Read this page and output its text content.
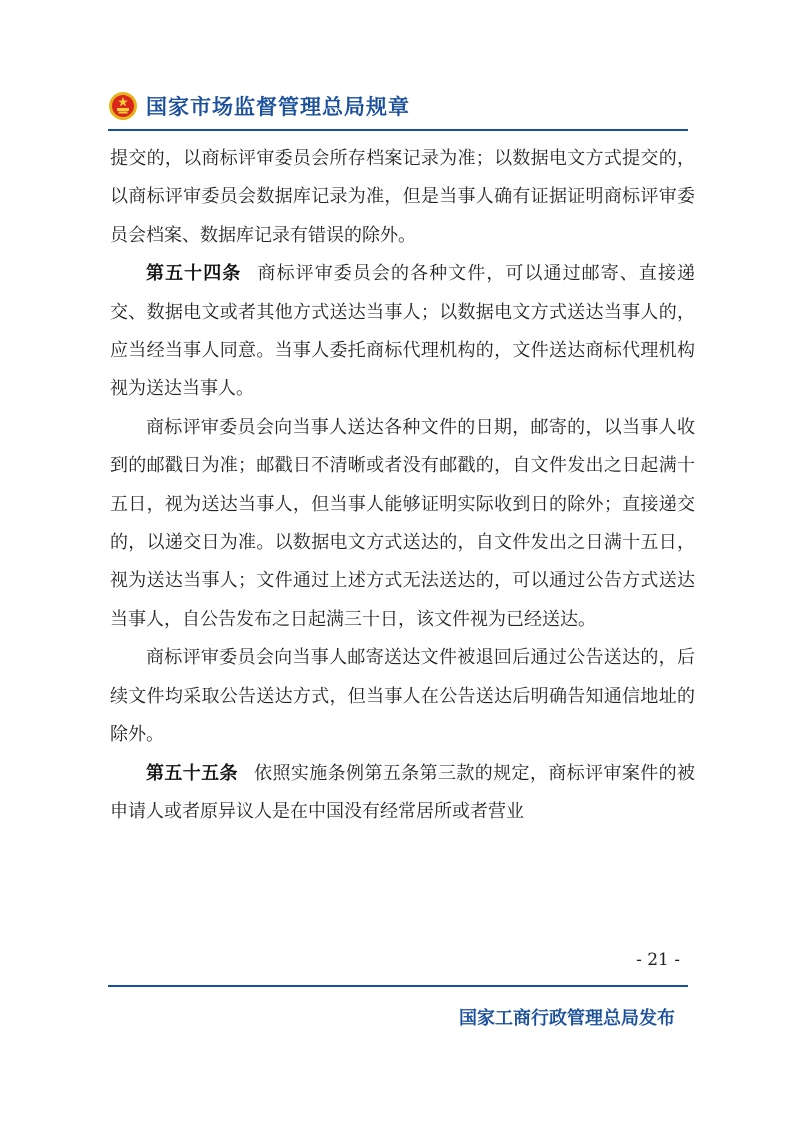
国家市场监督管理总局规章

提交的，以商标评审委员会所存档案记录为准；以数据电文方式提交的，以商标评审委员会数据库记录为准，但是当事人确有证据证明商标评审委员会档案、数据库记录有错误的除外。

第五十四条 商标评审委员会的各种文件，可以通过邮寄、直接递交、数据电文或者其他方式送达当事人；以数据电文方式送达当事人的，应当经当事人同意。当事人委托商标代理机构的，文件送达商标代理机构视为送达当事人。

商标评审委员会向当事人送达各种文件的日期，邮寄的，以当事人收到的邮戳日为准；邮戳日不清晰或者没有邮戳的，自文件发出之日起满十五日，视为送达当事人，但当事人能够证明实际收到日的除外；直接递交的，以递交日为准。以数据电文方式送达的，自文件发出之日满十五日，视为送达当事人；文件通过上述方式无法送达的，可以通过公告方式送达当事人，自公告发布之日起满三十日，该文件视为已经送达。

商标评审委员会向当事人邮寄送达文件被退回后通过公告送达的，后续文件均采取公告送达方式，但当事人在公告送达后明确告知通信地址的除外。

第五十五条 依照实施条例第五条第三款的规定，商标评审案件的被申请人或者原异议人是在中国没有经常居所或者营业

- 21 -
国家工商行政管理总局发布
